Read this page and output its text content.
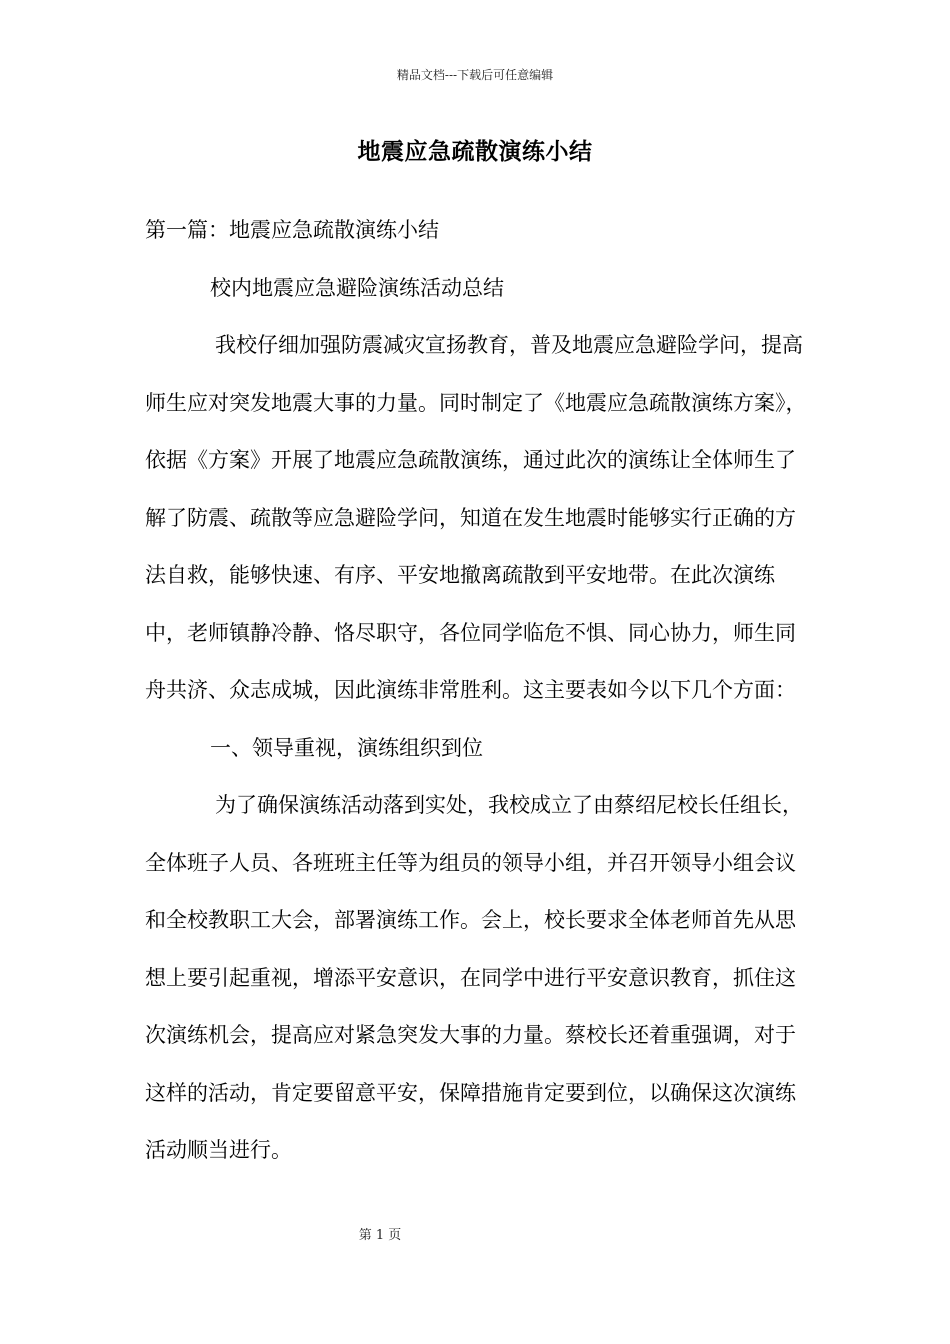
精品文档---下载后可任意编辑
地震应急疏散演练小结

第一篇：地震应急疏散演练小结

校内地震应急避险演练活动总结

我校仔细加强防震减灾宣扬教育，普及地震应急避险学问，提高师生应对突发地震大事的力量。同时制定了《地震应急疏散演练方案》，依据《方案》开展了地震应急疏散演练，通过此次的演练让全体师生了解了防震、疏散等应急避险学问，知道在发生地震时能够实行正确的方法自救，能够快速、有序、平安地撤离疏散到平安地带。在此次演练中，老师镇静冷静、恪尽职守，各位同学临危不惧、同心协力，师生同舟共济、众志成城，因此演练非常胜利。这主要表如今以下几个方面：

一、领导重视，演练组织到位

为了确保演练活动落到实处，我校成立了由蔡绍尼校长任组长，全体班子人员、各班班主任等为组员的领导小组，并召开领导小组会议和全校教职工大会，部署演练工作。会上，校长要求全体老师首先从思想上要引起重视，增添平安意识，在同学中进行平安意识教育，抓住这次演练机会，提高应对紧急突发大事的力量。蔡校长还着重强调，对于这样的活动，肯定要留意平安，保障措施肯定要到位，以确保这次演练活动顺当进行。

第 1 页
